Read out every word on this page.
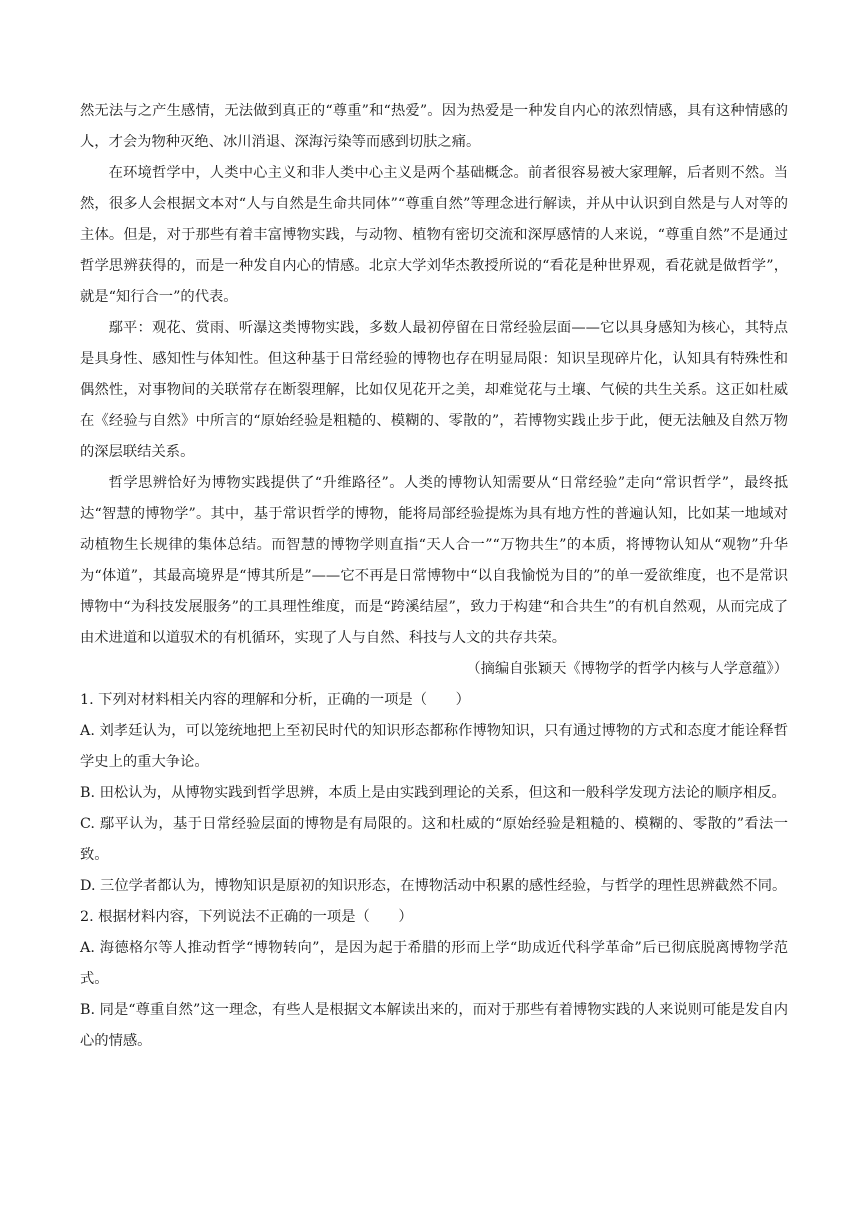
然无法与之产生感情，无法做到真正的“尊重”和“热爱”。因为热爱是一种发自内心的浓烈情感，具有这种情感的人，才会为物种灭绝、冰川消退、深海污染等而感到切肤之痛。

在环境哲学中，人类中心主义和非人类中心主义是两个基础概念。前者很容易被大家理解，后者则不然。当然，很多人会根据文本对“人与自然是生命共同体”“尊重自然”等理念进行解读，并从中认识到自然是与人对等的主体。但是，对于那些有着丰富博物实践，与动物、植物有密切交流和深厚感情的人来说，“尊重自然”不是通过哲学思辨获得的，而是一种发自内心的情感。北京大学刘华杰教授所说的“看花是种世界观，看花就是做哲学”，就是“知行合一”的代表。

鄢平：观花、赏雨、听瀑这类博物实践，多数人最初停留在日常经验层面——它以具身感知为核心，其特点是具身性、感知性与体知性。但这种基于日常经验的博物也存在明显局限：知识呈现碎片化，认知具有特殊性和偶然性，对事物间的关联常存在断裂理解，比如仅见花开之美，却难觉花与土壤、气候的共生关系。这正如杜威在《经验与自然》中所言的“原始经验是粗糙的、模糊的、零散的”，若博物实践止步于此，便无法触及自然万物的深层联结关系。

哲学思辨恰好为博物实践提供了“升维路径”。人类的博物认知需要从“日常经验”走向“常识哲学”，最终抵达“智慧的博物学”。其中，基于常识哲学的博物，能将局部经验提炼为具有地方性的普遍认知，比如某一地域对动植物生长规律的集体总结。而智慧的博物学则直指“天人合一”“万物共生”的本质，将博物认知从“观物”升华为“体道”，其最高境界是“博其所是”——它不再是日常博物中“以自我愉悦为目的”的单一爱欲维度，也不是常识博物中“为科技发展服务”的工具理性维度，而是“跨溪结屋”，致力于构建“和合共生”的有机自然观，从而完成了由术进道和以道驭术的有机循环，实现了人与自然、科技与人文的共存共荣。

（摘编自张颖天《博物学的哲学内核与人学意蕴》）

1. 下列对材料相关内容的理解和分析，正确的一项是（　　）

A. 刘孝廷认为，可以笼统地把上至初民时代的知识形态都称作博物知识，只有通过博物的方式和态度才能诠释哲学史上的重大争论。

B. 田松认为，从博物实践到哲学思辨，本质上是由实践到理论的关系，但这和一般科学发现方法论的顺序相反。

C. 鄢平认为，基于日常经验层面的博物是有局限的。这和杜威的“原始经验是粗糙的、模糊的、零散的”看法一致。

D. 三位学者都认为，博物知识是原初的知识形态，在博物活动中积累的感性经验，与哲学的理性思辨截然不同。

2. 根据材料内容，下列说法不正确的一项是（　　）

A. 海德格尔等人推动哲学“博物转向”，是因为起于希腊的形而上学“助成近代科学革命”后已彻底脱离博物学范式。

B. 同是“尊重自然”这一理念，有些人是根据文本解读出来的，而对于那些有着博物实践的人来说则可能是发自内心的情感。
